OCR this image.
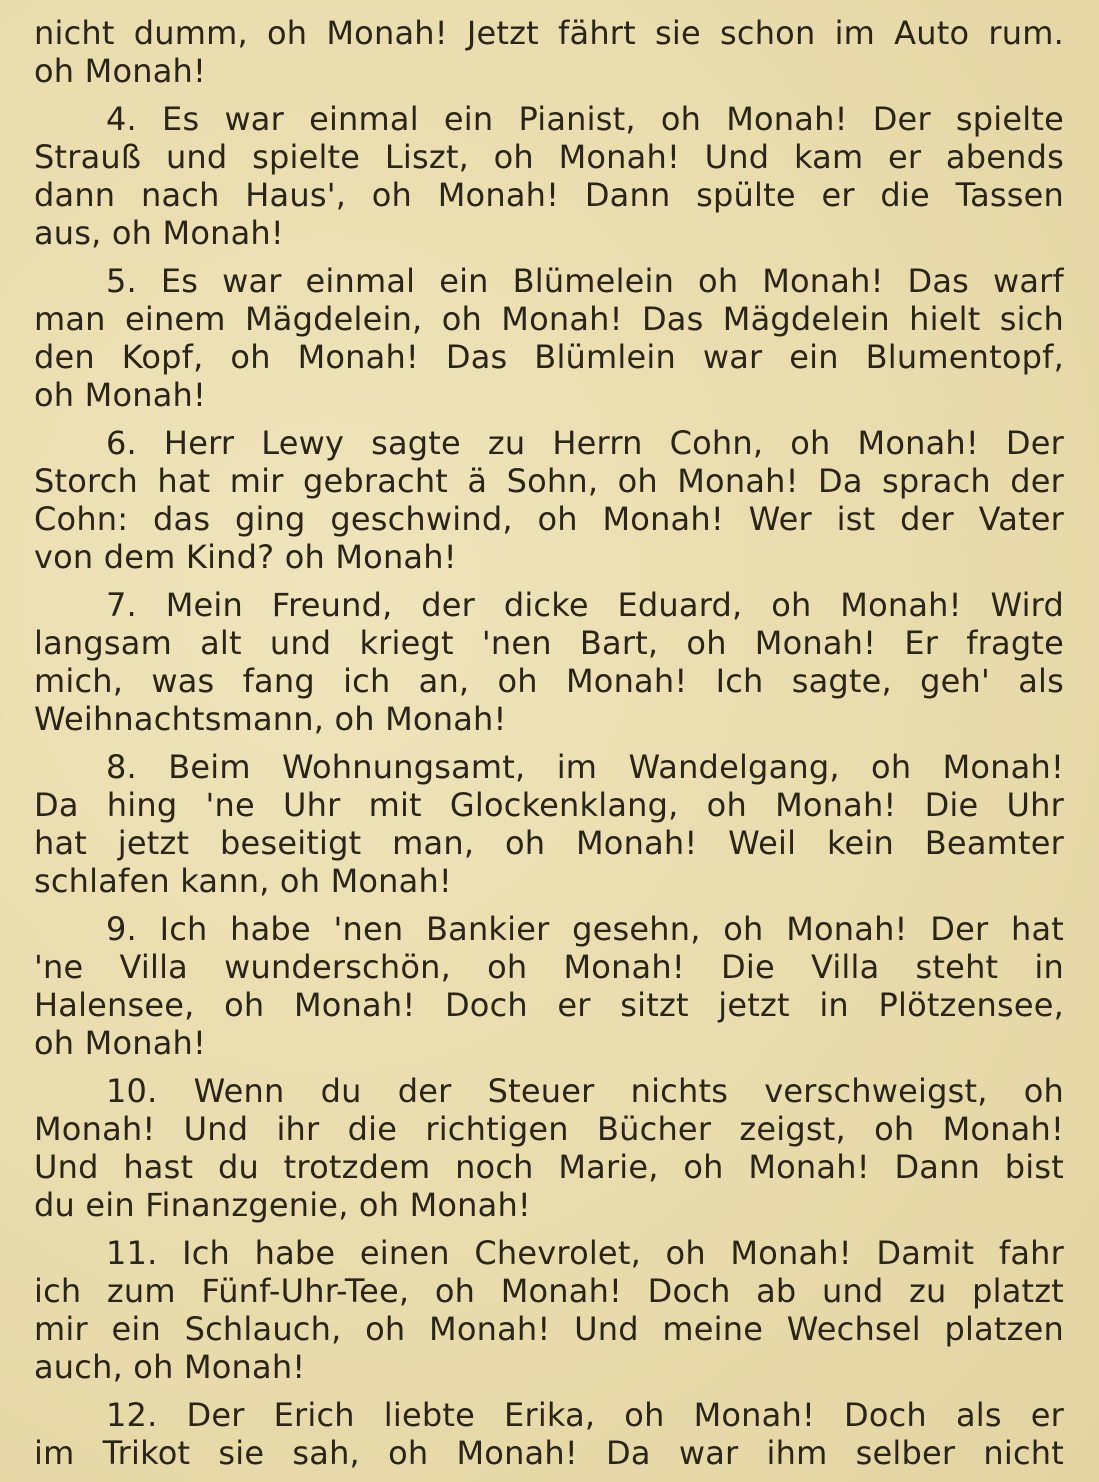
nicht dumm, oh Monah! Jetzt fährt sie schon im Auto rum.
oh Monah!
4. Es war einmal ein Pianist, oh Monah! Der spielte
Strauß und spielte Liszt, oh Monah! Und kam er abends
dann nach Haus', oh Monah! Dann spülte er die Tassen
aus, oh Monah!
5. Es war einmal ein Blümelein oh Monah! Das warf
man einem Mägdelein, oh Monah! Das Mägdelein hielt sich
den Kopf, oh Monah! Das Blümlein war ein Blumentopf,
oh Monah!
6. Herr Lewy sagte zu Herrn Cohn, oh Monah! Der
Storch hat mir gebracht ä Sohn, oh Monah! Da sprach der
Cohn: das ging geschwind, oh Monah! Wer ist der Vater
von dem Kind? oh Monah!
7. Mein Freund, der dicke Eduard, oh Monah! Wird
langsam alt und kriegt 'nen Bart, oh Monah! Er fragte
mich, was fang ich an, oh Monah! Ich sagte, geh' als
Weihnachtsmann, oh Monah!
8. Beim Wohnungsamt, im Wandelgang, oh Monah!
Da hing 'ne Uhr mit Glockenklang, oh Monah! Die Uhr
hat jetzt beseitigt man, oh Monah! Weil kein Beamter
schlafen kann, oh Monah!
9. Ich habe 'nen Bankier gesehn, oh Monah! Der hat
'ne Villa wunderschön, oh Monah! Die Villa steht in
Halensee, oh Monah! Doch er sitzt jetzt in Plötzensee,
oh Monah!
10. Wenn du der Steuer nichts verschweigst, oh
Monah! Und ihr die richtigen Bücher zeigst, oh Monah!
Und hast du trotzdem noch Marie, oh Monah! Dann bist
du ein Finanzgenie, oh Monah!
11. Ich habe einen Chevrolet, oh Monah! Damit fahr
ich zum Fünf-Uhr-Tee, oh Monah! Doch ab und zu platzt
mir ein Schlauch, oh Monah! Und meine Wechsel platzen
auch, oh Monah!
12. Der Erich liebte Erika, oh Monah! Doch als er
im Trikot sie sah, oh Monah! Da war ihm selber nicht
